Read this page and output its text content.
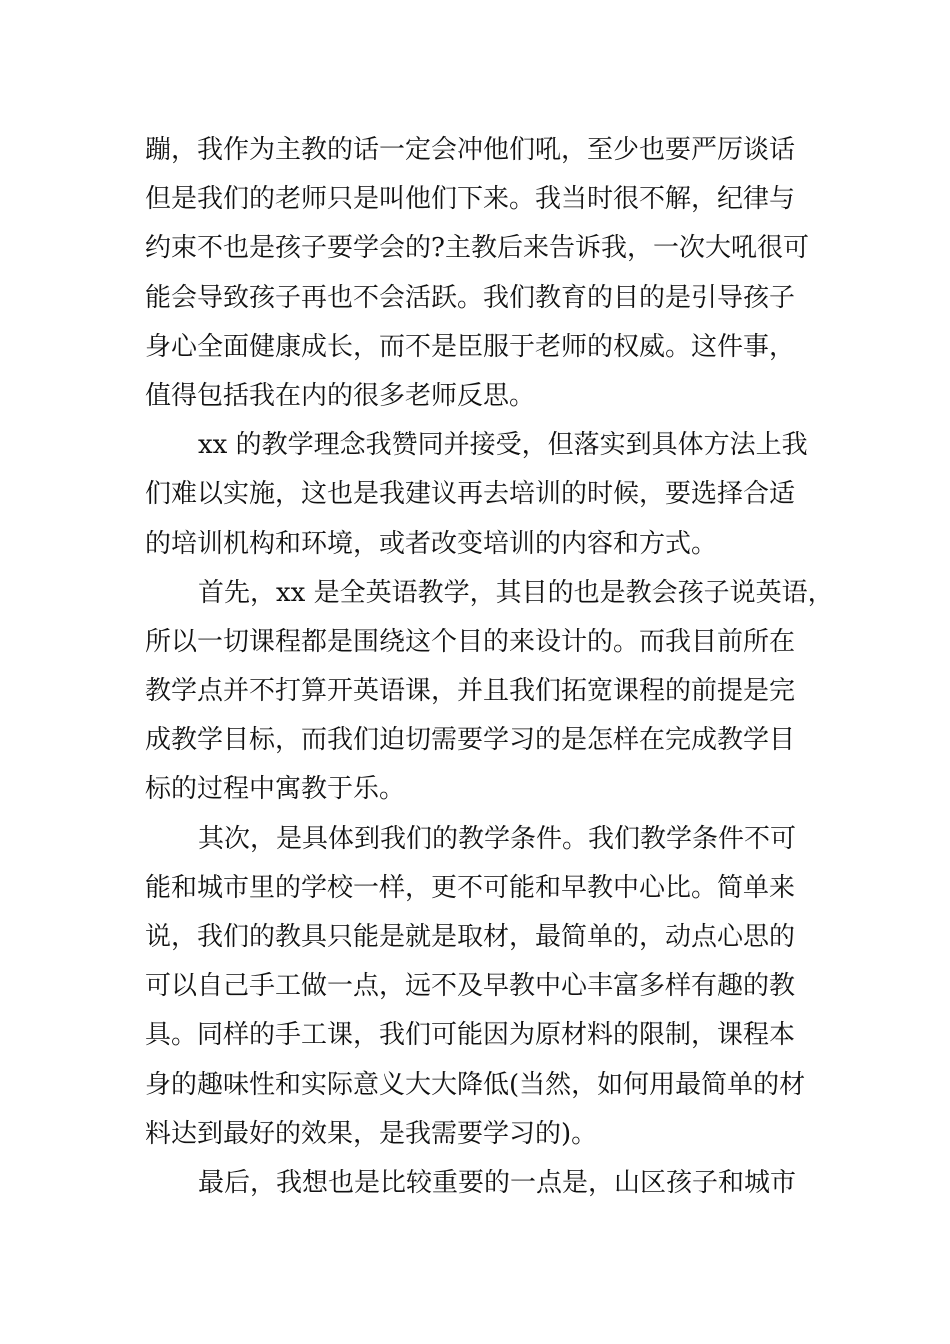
蹦，我作为主教的话一定会冲他们吼，至少也要严厉谈话
但是我们的老师只是叫他们下来。我当时很不解，纪律与
约束不也是孩子要学会的?主教后来告诉我，一次大吼很可
能会导致孩子再也不会活跃。我们教育的目的是引导孩子
身心全面健康成长，而不是臣服于老师的权威。这件事，
值得包括我在内的很多老师反思。
xx 的教学理念我赞同并接受，但落实到具体方法上我
们难以实施，这也是我建议再去培训的时候，要选择合适
的培训机构和环境，或者改变培训的内容和方式。
首先，xx 是全英语教学，其目的也是教会孩子说英语，
所以一切课程都是围绕这个目的来设计的。而我目前所在
教学点并不打算开英语课，并且我们拓宽课程的前提是完
成教学目标，而我们迫切需要学习的是怎样在完成教学目
标的过程中寓教于乐。
其次，是具体到我们的教学条件。我们教学条件不可
能和城市里的学校一样，更不可能和早教中心比。简单来
说，我们的教具只能是就是取材，最简单的，动点心思的
可以自己手工做一点，远不及早教中心丰富多样有趣的教
具。同样的手工课，我们可能因为原材料的限制，课程本
身的趣味性和实际意义大大降低(当然，如何用最简单的材
料达到最好的效果，是我需要学习的)。
最后，我想也是比较重要的一点是，山区孩子和城市
